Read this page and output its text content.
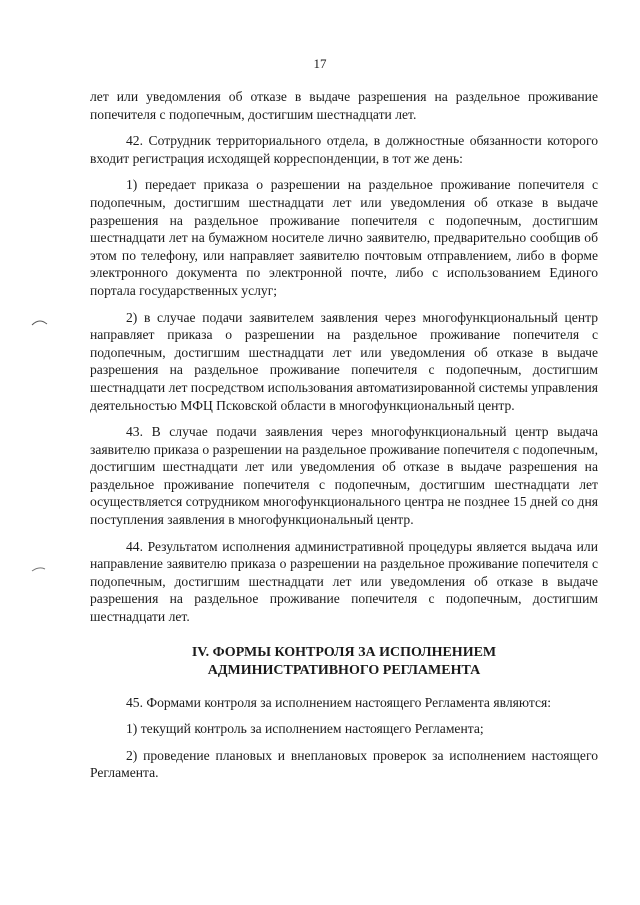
17

лет или уведомления об отказе в выдаче разрешения на раздельное проживание попечителя с подопечным, достигшим шестнадцати лет.

42. Сотрудник территориального отдела, в должностные обязанности которого входит регистрация исходящей корреспонденции, в тот же день:

1) передает приказа о разрешении на раздельное проживание попечителя с подопечным, достигшим шестнадцати лет или уведомления об отказе в выдаче разрешения на раздельное проживание попечителя с подопечным, достигшим шестнадцати лет на бумажном носителе лично заявителю, предварительно сообщив об этом по телефону, или направляет заявителю почтовым отправлением, либо в форме электронного документа по электронной почте, либо с использованием Единого портала государственных услуг;

2) в случае подачи заявителем заявления через многофункциональный центр направляет приказа о разрешении на раздельное проживание попечителя с подопечным, достигшим шестнадцати лет или уведомления об отказе в выдаче разрешения на раздельное проживание попечителя с подопечным, достигшим шестнадцати лет посредством использования автоматизированной системы управления деятельностью МФЦ Псковской области в многофункциональный центр.

43. В случае подачи заявления через многофункциональный центр выдача заявителю приказа о разрешении на раздельное проживание попечителя с подопечным, достигшим шестнадцати лет или уведомления об отказе в выдаче разрешения на раздельное проживание попечителя с подопечным, достигшим шестнадцати лет осуществляется сотрудником многофункционального центра не позднее 15 дней со дня поступления заявления в многофункциональный центр.

44. Результатом исполнения административной процедуры является выдача или направление заявителю приказа о разрешении на раздельное проживание попечителя с подопечным, достигшим шестнадцати лет или уведомления об отказе в выдаче разрешения на раздельное проживание попечителя с подопечным, достигшим шестнадцати лет.

IV. ФОРМЫ КОНТРОЛЯ ЗА ИСПОЛНЕНИЕМ
АДМИНИСТРАТИВНОГО РЕГЛАМЕНТА

45. Формами контроля за исполнением настоящего Регламента являются:

1) текущий контроль за исполнением настоящего Регламента;

2) проведение плановых и внеплановых проверок за исполнением настоящего Регламента.
